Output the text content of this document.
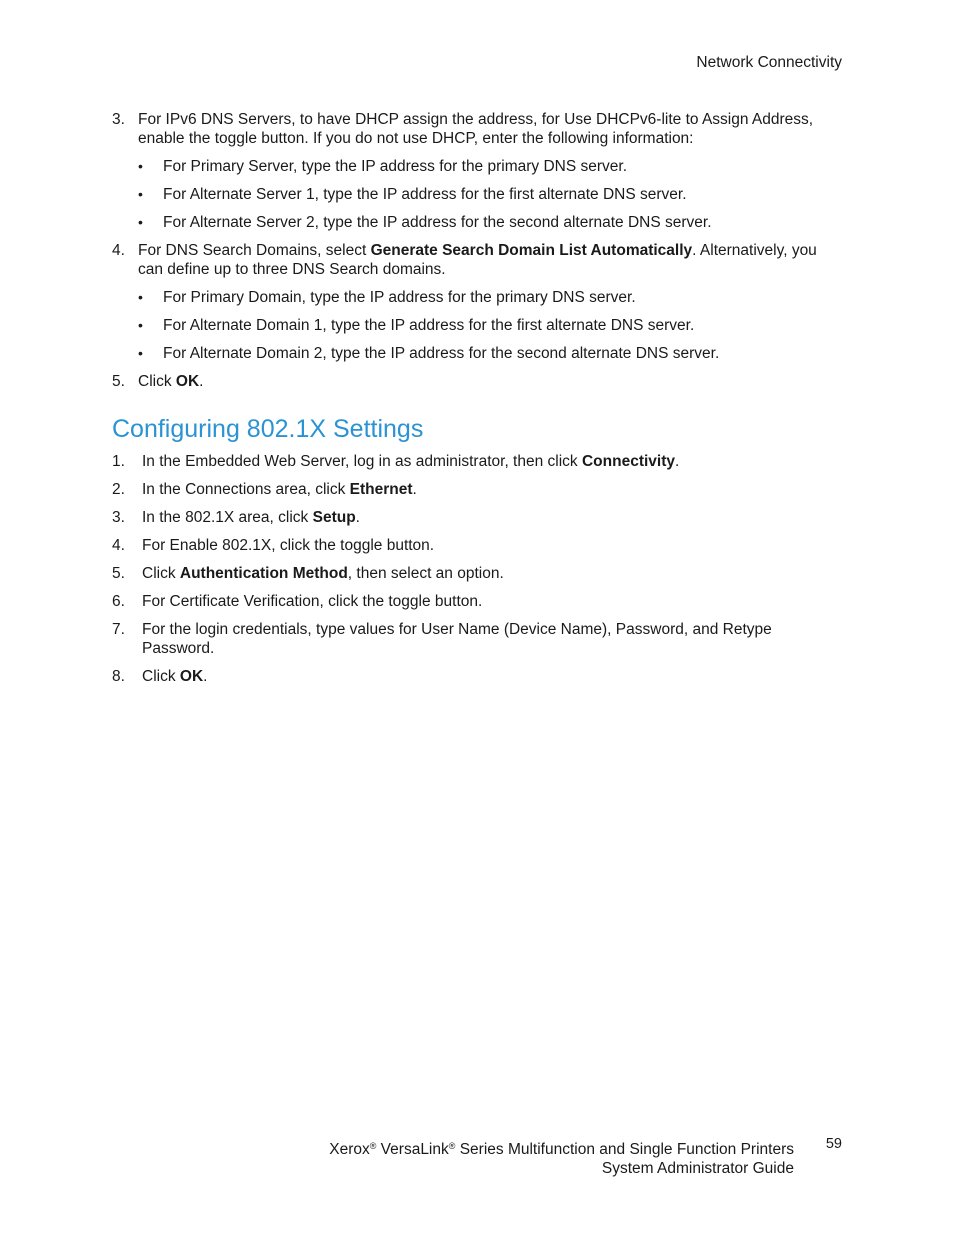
Network Connectivity
3. For IPv6 DNS Servers, to have DHCP assign the address, for Use DHCPv6-lite to Assign Address, enable the toggle button. If you do not use DHCP, enter the following information:
•	For Primary Server, type the IP address for the primary DNS server.
•	For Alternate Server 1, type the IP address for the first alternate DNS server.
•	For Alternate Server 2, type the IP address for the second alternate DNS server.
4. For DNS Search Domains, select Generate Search Domain List Automatically. Alternatively, you can define up to three DNS Search domains.
•	For Primary Domain, type the IP address for the primary DNS server.
•	For Alternate Domain 1, type the IP address for the first alternate DNS server.
•	For Alternate Domain 2, type the IP address for the second alternate DNS server.
5. Click OK.
Configuring 802.1X Settings
1.	In the Embedded Web Server, log in as administrator, then click Connectivity.
2.	In the Connections area, click Ethernet.
3.	In the 802.1X area, click Setup.
4.	For Enable 802.1X, click the toggle button.
5.	Click Authentication Method, then select an option.
6.	For Certificate Verification, click the toggle button.
7.	For the login credentials, type values for User Name (Device Name), Password, and Retype Password.
8.	Click OK.
Xerox® VersaLink® Series Multifunction and Single Function Printers
System Administrator Guide
59
